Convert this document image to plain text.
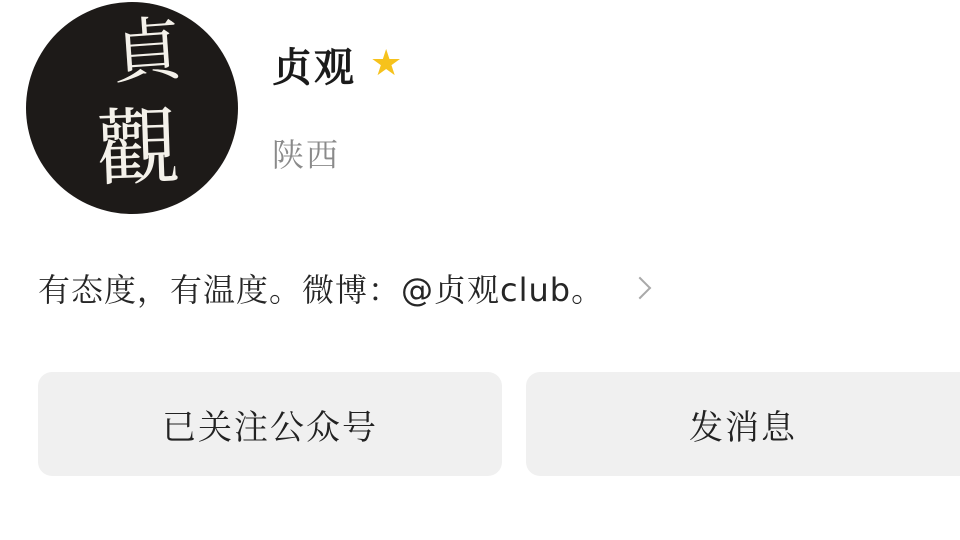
貞
觀
贞观 ★
陕西
有态度，有温度。微博：@贞观club。
已关注公众号	发消息
